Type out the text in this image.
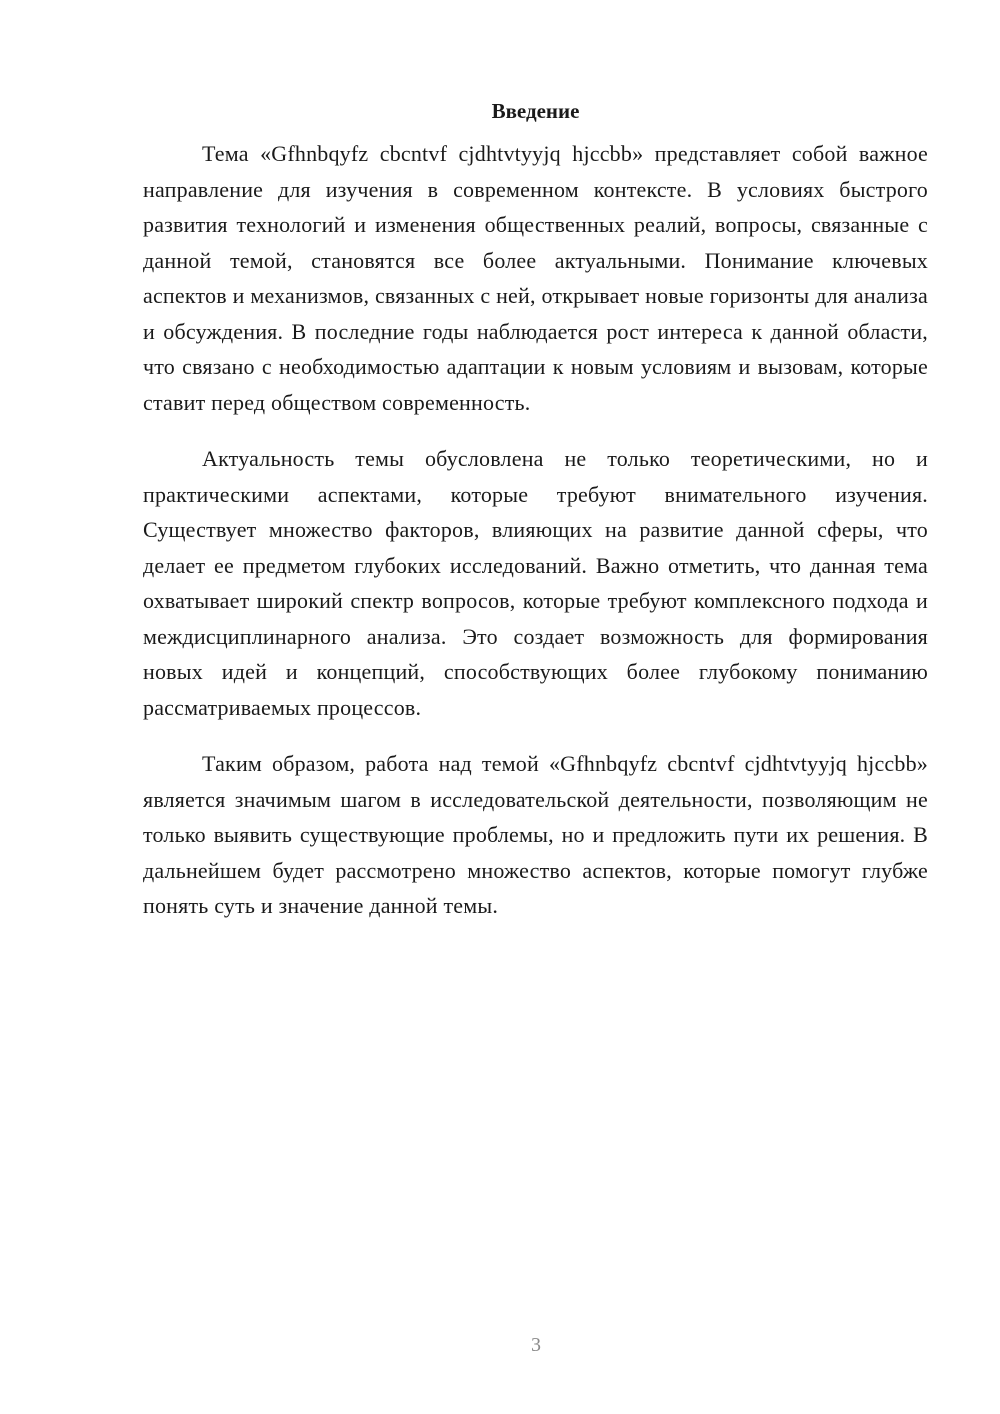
Введение

Тема «Gfhnbqyfz cbcntvf cjdhtvtyyjq hjccbb» представляет собой важное направление для изучения в современном контексте. В условиях быстрого развития технологий и изменения общественных реалий, вопросы, связанные с данной темой, становятся все более актуальными. Понимание ключевых аспектов и механизмов, связанных с ней, открывает новые горизонты для анализа и обсуждения. В последние годы наблюдается рост интереса к данной области, что связано с необходимостью адаптации к новым условиям и вызовам, которые ставит перед обществом современность.

Актуальность темы обусловлена не только теоретическими, но и практическими аспектами, которые требуют внимательного изучения. Существует множество факторов, влияющих на развитие данной сферы, что делает ее предметом глубоких исследований. Важно отметить, что данная тема охватывает широкий спектр вопросов, которые требуют комплексного подхода и междисциплинарного анализа. Это создает возможность для формирования новых идей и концепций, способствующих более глубокому пониманию рассматриваемых процессов.

Таким образом, работа над темой «Gfhnbqyfz cbcntvf cjdhtvtyyjq hjccbb» является значимым шагом в исследовательской деятельности, позволяющим не только выявить существующие проблемы, но и предложить пути их решения. В дальнейшем будет рассмотрено множество аспектов, которые помогут глубже понять суть и значение данной темы.

3
